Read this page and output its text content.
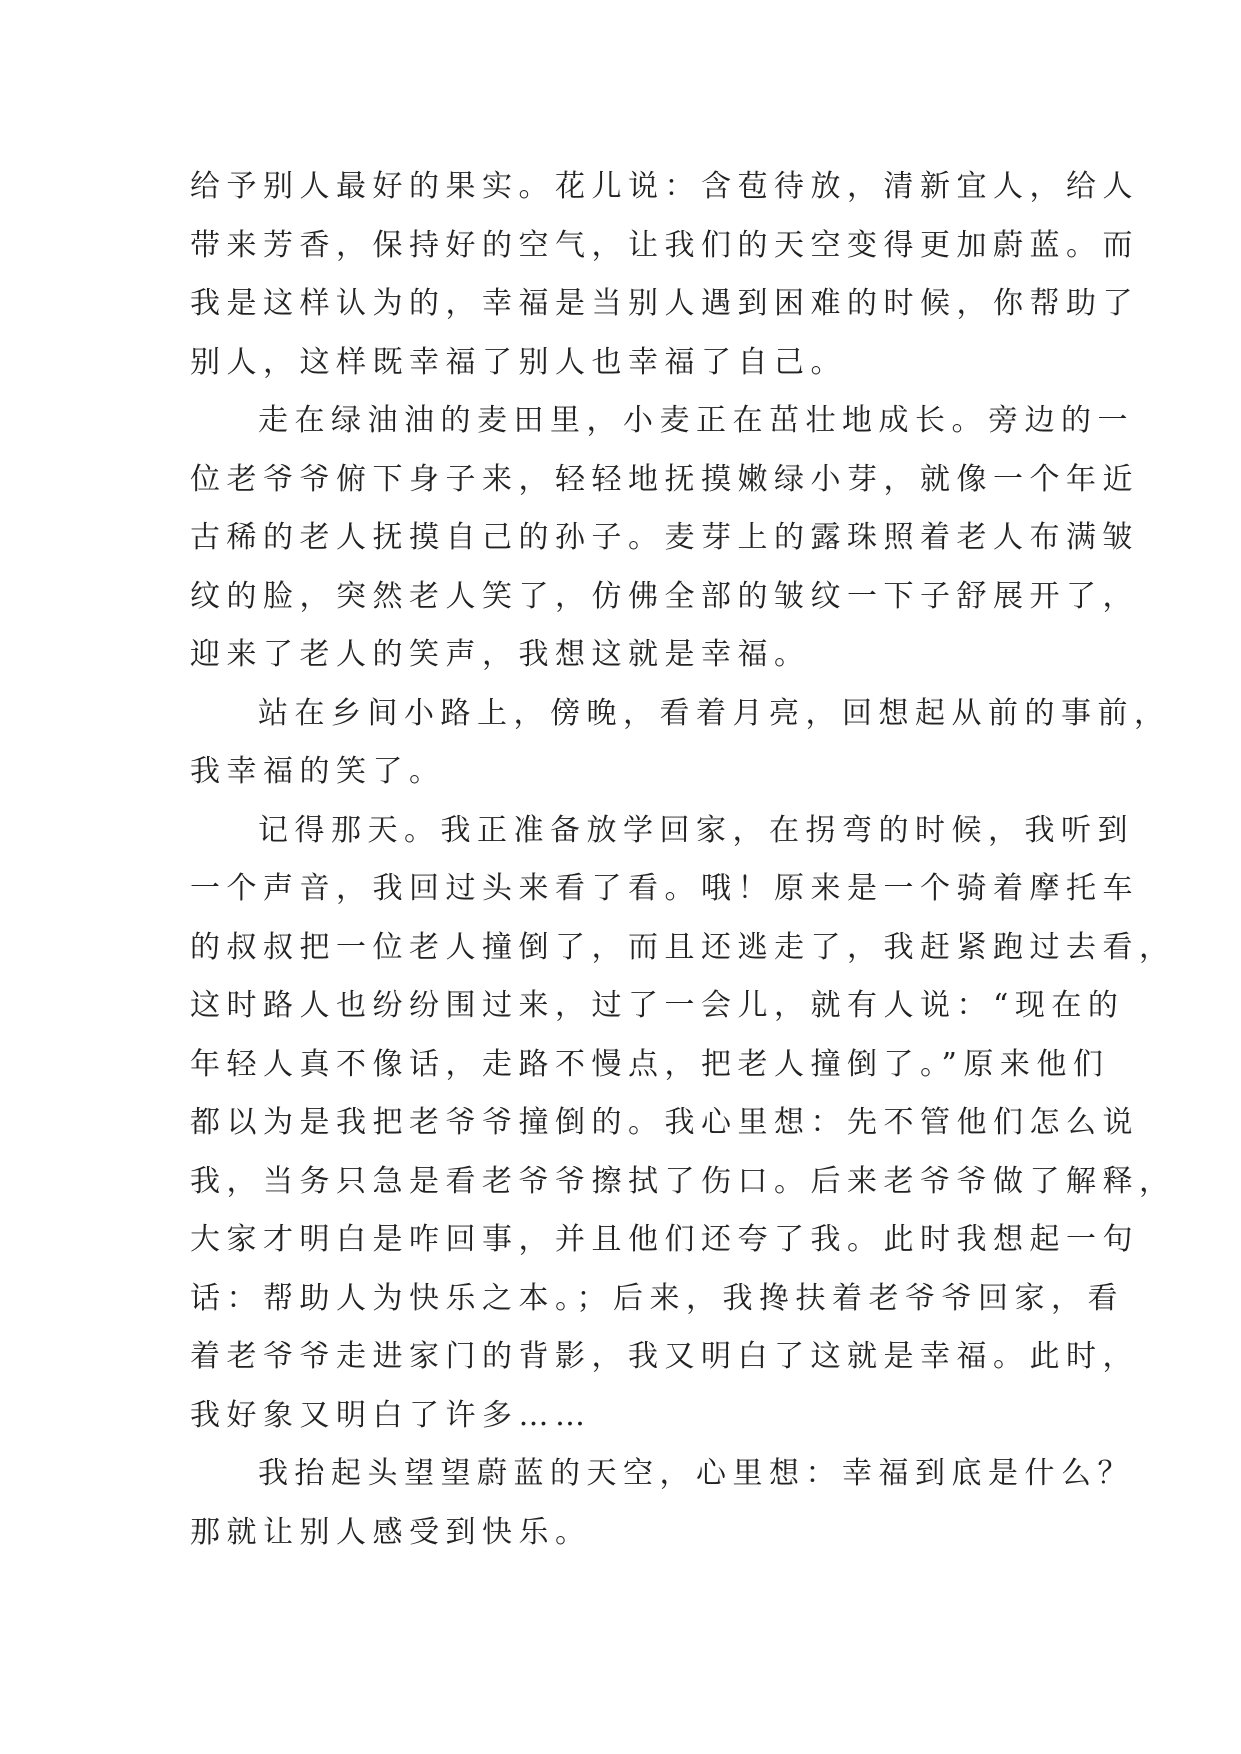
给予别人最好的果实。花儿说：含苞待放，清新宜人，给人
带来芳香，保持好的空气，让我们的天空变得更加蔚蓝。而
我是这样认为的，幸福是当别人遇到困难的时候，你帮助了
别人，这样既幸福了别人也幸福了自己。
走在绿油油的麦田里，小麦正在茁壮地成长。旁边的一
位老爷爷俯下身子来，轻轻地抚摸嫩绿小芽，就像一个年近
古稀的老人抚摸自己的孙子。麦芽上的露珠照着老人布满皱
纹的脸，突然老人笑了，仿佛全部的皱纹一下子舒展开了，
迎来了老人的笑声，我想这就是幸福。
站在乡间小路上，傍晚，看着月亮，回想起从前的事前，
我幸福的笑了。
记得那天。我正准备放学回家，在拐弯的时候，我听到
一个声音，我回过头来看了看。哦！原来是一个骑着摩托车
的叔叔把一位老人撞倒了，而且还逃走了，我赶紧跑过去看，
这时路人也纷纷围过来，过了一会儿，就有人说：“现在的
年轻人真不像话，走路不慢点，把老人撞倒了。”原来他们
都以为是我把老爷爷撞倒的。我心里想：先不管他们怎么说
我，当务只急是看老爷爷擦拭了伤口。后来老爷爷做了解释，
大家才明白是咋回事，并且他们还夸了我。此时我想起一句
话：帮助人为快乐之本。；后来，我搀扶着老爷爷回家，看
着老爷爷走进家门的背影，我又明白了这就是幸福。此时，
我好象又明白了许多……
我抬起头望望蔚蓝的天空，心里想：幸福到底是什么？
那就让别人感受到快乐。
